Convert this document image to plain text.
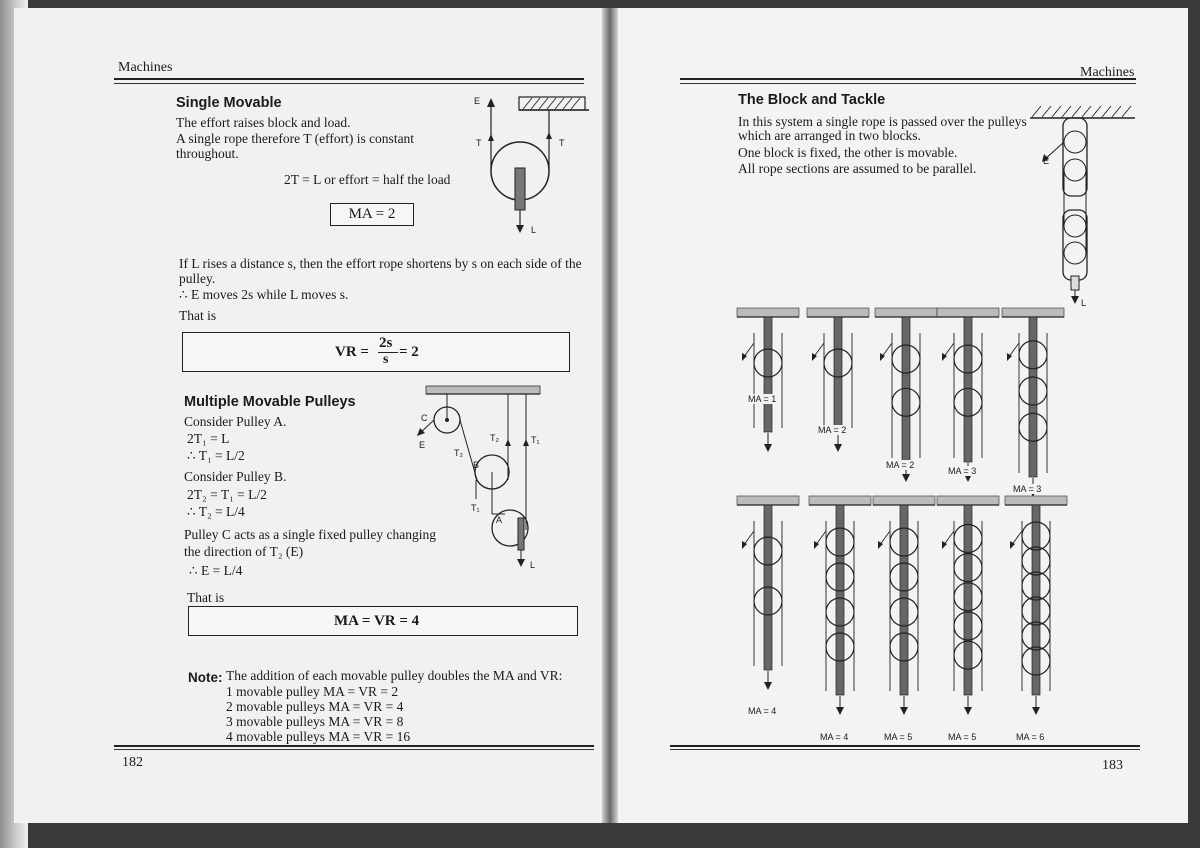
Machines
Single Movable
The effort raises block and load.
A single rope therefore T (effort) is constant
throughout.
2T = L or effort = half the load
MA = 2
E
T	T
L
If L rises a distance s, then the effort rope shortens by s on each side of the
pulley.
∴ E moves 2s while L moves s.
That is
VR =
2s
s = 2
Multiple Movable Pulleys
Consider Pulley A.
2T₁ = L
∴ T₁ = L/2
Consider Pulley B.
2T₂ = T₁ = L/2
∴ T₂ = L/4
Pulley C acts as a single fixed pulley changing
the direction of T₂ (E)
∴ E = L/4
That is
MA = VR = 4
C
B
A
E
T₂
T₂	T₁
T₁
L
Note: The addition of each movable pulley doubles the MA and VR:
1 movable pulley MA = VR = 2
2 movable pulleys MA = VR = 4
3 movable pulleys MA = VR = 8
4 movable pulleys MA = VR = 16
182
Machines
The Block and Tackle
In this system a single rope is passed over the pulleys
which are arranged in two blocks.
One block is fixed, the other is movable.
All rope sections are assumed to be parallel.	E
L
183
MA = 1
MA = 4
MA = 2
MA = 4
MA = 2
MA = 5
MA = 3
MA = 5
MA = 3
MA = 6
